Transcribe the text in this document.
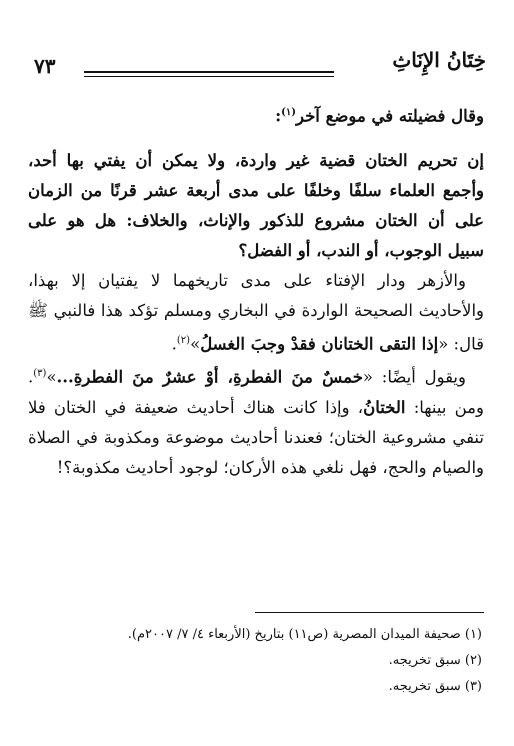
٧٣	خِتَانُ الإِنَاثِ

وقال فضيلته في موضع آخر$^{(١)}$:

إن تحريم الختان قضية غير واردة، ولا يمكن أن يفتي بها أحد، وأجمع العلماء سلفًا وخلفًا على مدى أربعة عشر قرنًا من الزمان على أن الختان مشروع للذكور والإناث، والخلاف: هل هو على سبيل الوجوب، أو الندب، أو الفضل؟

والأزهر ودار الإفتاء على مدى تاريخهما لا يفتيان إلا بهذا، والأحاديث الصحيحة الواردة في البخاري ومسلم تؤكد هذا فالنبي ﷺ قال: «إذا التقى الختانان فقدْ وجبَ الغسلُ»$^{(٢)}$.

ويقول أيضًا: «خمسٌ منَ الفطرةِ، أوْ عشرٌ منَ الفطرةِ...»$^{(٣)}$. ومن بينها: الختانُ، وإذا كانت هناك أحاديث ضعيفة في الختان فلا تنفي مشروعية الختان؛ فعندنا أحاديث موضوعة ومكذوبة في الصلاة والصيام والحج، فهل نلغي هذه الأركان؛ لوجود أحاديث مكذوبة؟!

(١) صحيفة الميدان المصرية (ص١١) بتاريخ (الأربعاء ٤/ ٧/ ٢٠٠٧م).

(٢) سبق تخريجه.

(٣) سبق تخريجه.
